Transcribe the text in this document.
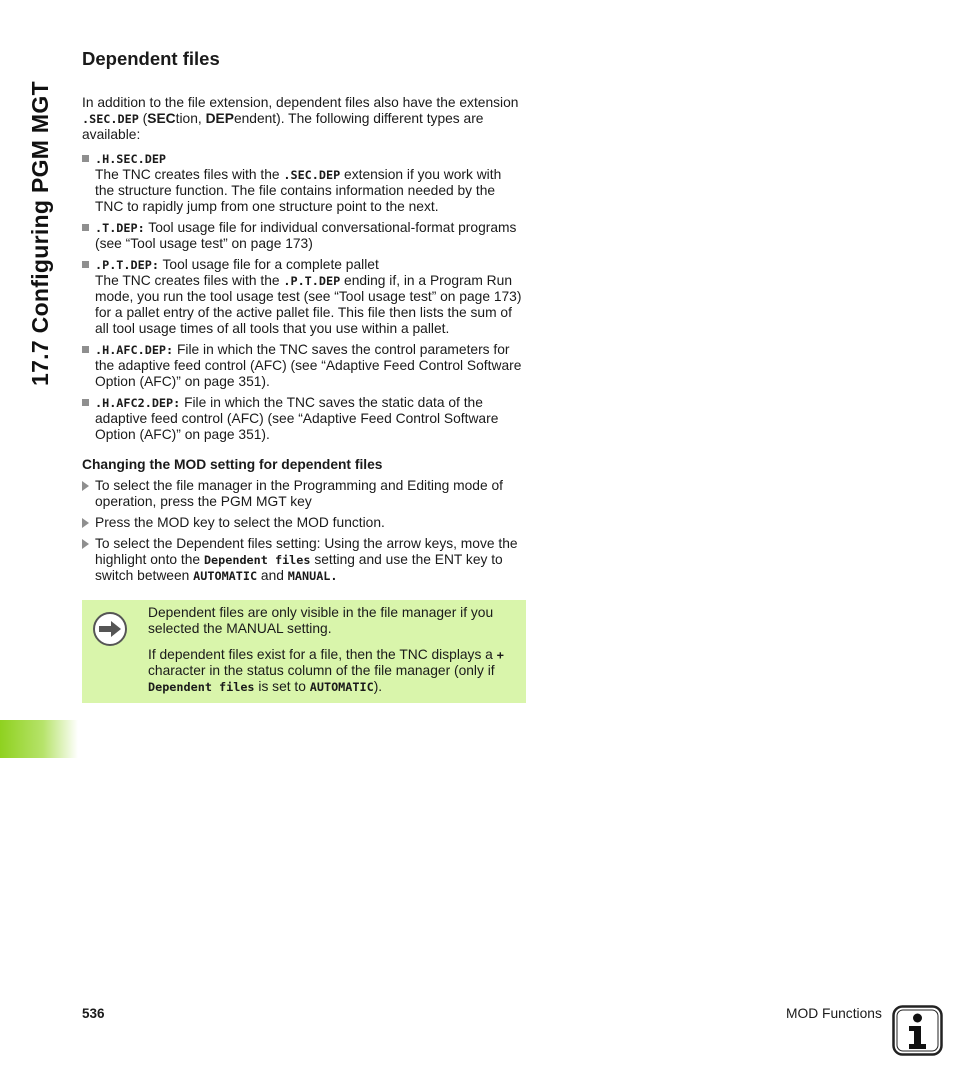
17.7 Configuring PGM MGT
Dependent files

In addition to the file extension, dependent files also have the extension .SEC.DEP (SECtion, DEPendent). The following different types are available:

.H.SEC.DEP
The TNC creates files with the .SEC.DEP extension if you work with the structure function. The file contains information needed by the TNC to rapidly jump from one structure point to the next.
.T.DEP: Tool usage file for individual conversational-format programs (see “Tool usage test” on page 173)
.P.T.DEP: Tool usage file for a complete pallet
The TNC creates files with the .P.T.DEP ending if, in a Program Run mode, you run the tool usage test (see “Tool usage test” on page 173) for a pallet entry of the active pallet file. This file then lists the sum of all tool usage times of all tools that you use within a pallet.
.H.AFC.DEP: File in which the TNC saves the control parameters for the adaptive feed control (AFC) (see “Adaptive Feed Control Software Option (AFC)” on page 351).
.H.AFC2.DEP: File in which the TNC saves the static data of the adaptive feed control (AFC) (see “Adaptive Feed Control Software Option (AFC)” on page 351).
Changing the MOD setting for dependent files
To select the file manager in the Programming and Editing mode of operation, press the PGM MGT key
Press the MOD key to select the MOD function.
To select the Dependent files setting: Using the arrow keys, move the highlight onto the Dependent files setting and use the ENT key to switch between AUTOMATIC and MANUAL.

Dependent files are only visible in the file manager if you selected the MANUAL setting.

If dependent files exist for a file, then the TNC displays a + character in the status column of the file manager (only if Dependent files is set to AUTOMATIC).

536	MOD Functions
